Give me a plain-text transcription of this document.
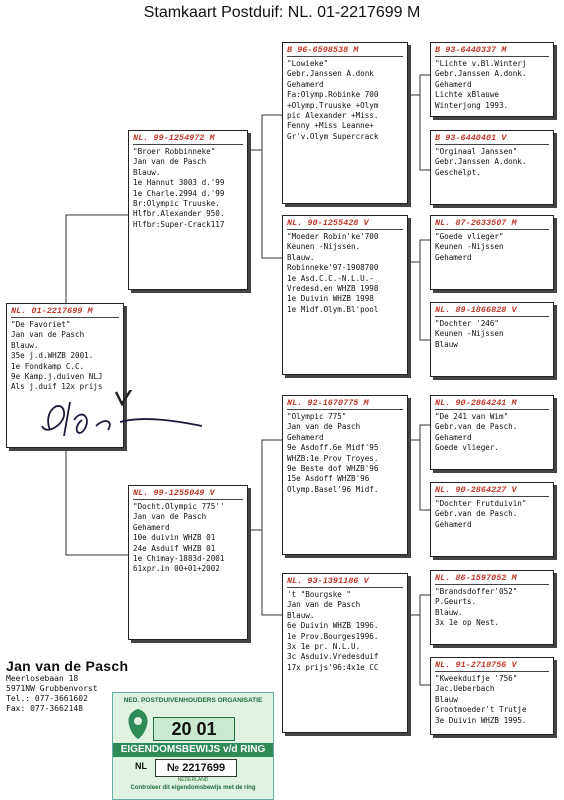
Stamkaart Postduif: NL. 01-2217699 M
NL. 01-2217699 M
"De Favoriet"
Jan van de Pasch
Blauw.
35e j.d.WHZB 2001.
1e Fondkamp C.C.
9e Kamp.j.duiven NLJ
Als j.duif 12x prijs
NL. 99-1254972 M
"Broer Robbinneke"
Jan van de Pasch
Blauw.
1e Hannut 3003 d.'99
1e Charle.2994 d.'99
Br:Olympic Truuske.
Hlfbr.Alexander 950.
Hlfbr:Super-Crack117
NL. 99-1255049 V
"Docht.Olympic 775''
Jan van de Pasch
Gehamerd
10e duivin WHZB 01
24e Asduif WHZB 01
1e Chimay-1883d-2001
61xpr.in 00+01+2002
B 96-6598538 M
"Lowieke"
Gebr.Janssen A.donk
Gehamerd
Fa:Olymp.Robinke 700
+Olymp.Truuske +Olym
pic Alexander +Miss.
Fenny +Miss Leanne+
Gr'v.Olym Supercrack
NL. 90-1255428 V
"Moeder Robin'ke'700
Keunen -Nijssen.
Blauw.
Robinneke'97-1908700
1e Asd.C.C.-N.L.U.-
Vredesd.en WHZB 1998
1e Duivin WHZB 1998
1e Midf.Olym.Bl'pool
NL. 92-1670775 M
"Olympic 775"
Jan van de Pasch
Gehamerd
9e Asdoff.6e Midf'95
WHZB:1e Prov Troyes.
9e Beste dof WHZB'96
15e Asdoff WHZB'96
Olymp.Basel'96 Midf.
NL. 93-1391186 V
't "Bourgske "
Jan van de Pasch
Blauw.
6e Duivin WHZB 1996.
1e Prov.Bourges1996.
3x 1e pr. N.L.U.
3c Asduiv.Vredesduif
17x prijs'96:4x1e CC
B 93-6440337 M
"Lichte v.Bl.Winterj
Gebr.Janssen A.donk.
Gehamerd
Lichte xBlauwe
Winterjong 1993.
B 93-6440401 V
"Orginaal Janssen"
Gebr.Janssen A.donk.
Geschelpt.
NL. 87-2633507 M
"Goede vlieger"
Keunen -Nijssen
Gehamerd
NL. 89-1866828 V
"Dochter '246"
Keunen -Nijssen
Blauw
NL. 90-2864241 M
"De 241 van Wim"
Gebr.van de Pasch.
Gehamerd
Goede vlieger.
NL. 90-2864227 V
"Dochter Frutduivin"
Gebr.van de Pasch.
Gehamerd
NL. 86-1597052 M
"Brandsdoffer'052"
P.Geurts.
Blauw.
3x 1e op Nest.
NL. 91-2718756 V
"Kweekduifje '756"
Jac.Ueberbach
Blauw
Grootmoeder't Trutje
3e Duivin WHZB 1995.
Jan van de Pasch
Meerlosebaan 18
5971NW Grubbenvorst
Tel.: 077-3661602
Fax: 077-3662148
NED. POSTDUIVENHOUDERS ORGANISATIE
20 01
EIGENDOMSBEWIJS v/d RING
NL	№ 2217699
NEDERLAND
Controleer dit eigendomsbewijs met de ring
